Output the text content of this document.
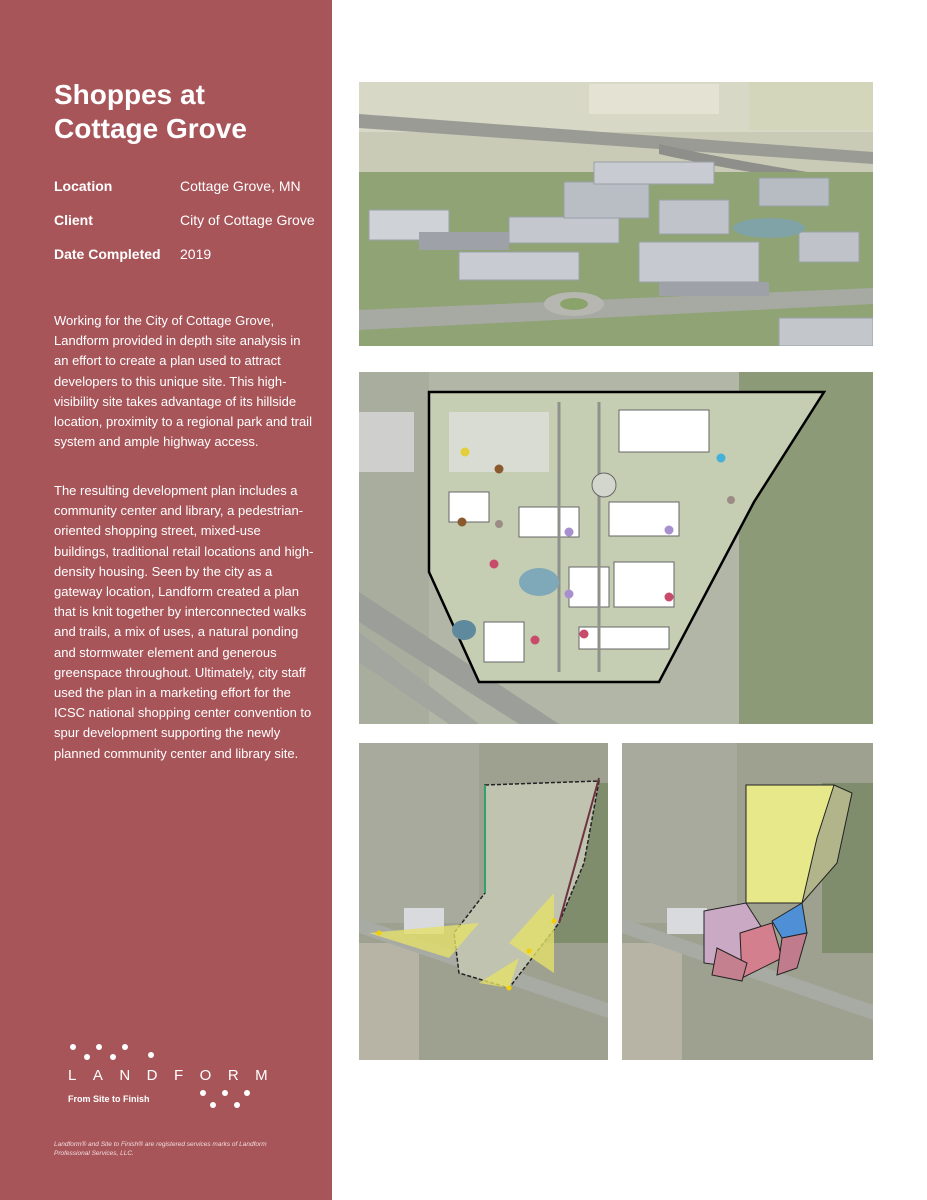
Shoppes at Cottage Grove
Location	Cottage Grove, MN
Client	City of Cottage Grove
Date Completed	2019

Working for the City of Cottage Grove, Landform provided in depth site analysis in an effort to create a plan used to attract developers to this unique site. This high-visibility site takes advantage of its hillside location, proximity to a regional park and trail system and ample highway access.

The resulting development plan includes a community center and library, a pedestrian-oriented shopping street, mixed-use buildings, traditional retail locations and high-density housing. Seen by the city as a gateway location, Landform created a plan that is knit together by interconnected walks and trails, a mix of uses, a natural ponding and stormwater element and generous greenspace throughout. Ultimately, city staff used the plan in a marketing effort for the ICSC national shopping center convention to spur development supporting the newly planned community center and library site.

LANDFORM
From Site to Finish

Landform® and Site to Finish® are registered services marks of Landform Professional Services, LLC.
